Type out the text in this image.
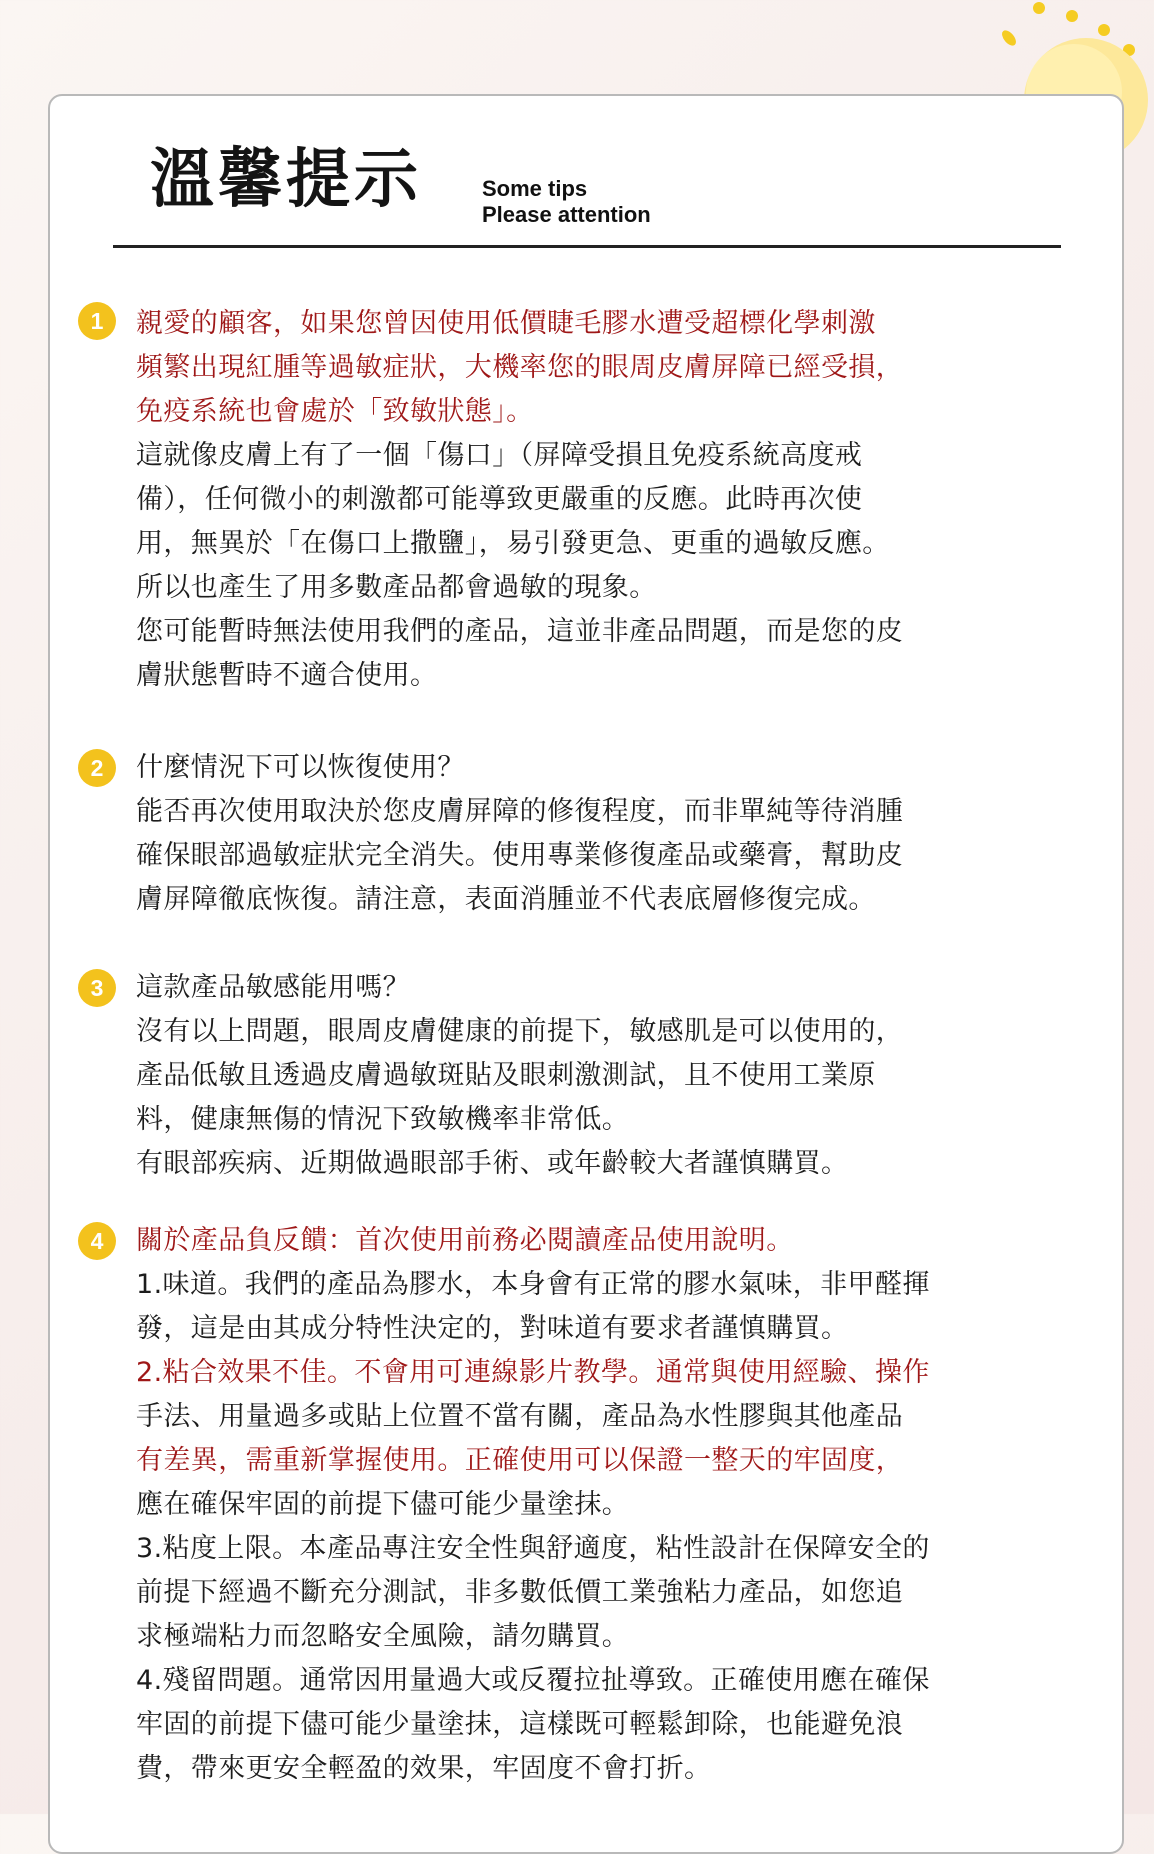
溫馨提示	Some tips
Please attention
1	親愛的顧客，如果您曾因使用低價睫毛膠水遭受超標化學刺激
頻繁出現紅腫等過敏症狀，大機率您的眼周皮膚屏障已經受損，
免疫系統也會處於「致敏狀態」。
這就像皮膚上有了一個「傷口」（屏障受損且免疫系統高度戒
備），任何微小的刺激都可能導致更嚴重的反應。此時再次使
用，無異於「在傷口上撒鹽」，易引發更急、更重的過敏反應。
所以也產生了用多數產品都會過敏的現象。
您可能暫時無法使用我們的產品，這並非產品問題，而是您的皮
膚狀態暫時不適合使用。
2	什麼情況下可以恢復使用？
能否再次使用取決於您皮膚屏障的修復程度，而非單純等待消腫
確保眼部過敏症狀完全消失。使用專業修復產品或藥膏，幫助皮
膚屏障徹底恢復。請注意，表面消腫並不代表底層修復完成。
3	這款產品敏感能用嗎？
沒有以上問題，眼周皮膚健康的前提下，敏感肌是可以使用的，
產品低敏且透過皮膚過敏斑貼及眼刺激測試，且不使用工業原
料，健康無傷的情況下致敏機率非常低。
有眼部疾病、近期做過眼部手術、或年齡較大者謹慎購買。
4	關於產品負反饋：首次使用前務必閱讀產品使用說明。
1.味道。我們的產品為膠水，本身會有正常的膠水氣味，非甲醛揮
發，這是由其成分特性決定的，對味道有要求者謹慎購買。
2.粘合效果不佳。不會用可連線影片教學。通常與使用經驗、操作
手法、用量過多或貼上位置不當有關，產品為水性膠與其他產品
有差異，需重新掌握使用。正確使用可以保證一整天的牢固度，
應在確保牢固的前提下儘可能少量塗抹。
3.粘度上限。本產品專注安全性與舒適度，粘性設計在保障安全的
前提下經過不斷充分測試，非多數低價工業強粘力產品，如您追
求極端粘力而忽略安全風險，請勿購買。
4.殘留問題。通常因用量過大或反覆拉扯導致。正確使用應在確保
牢固的前提下儘可能少量塗抹，這樣既可輕鬆卸除，也能避免浪
費，帶來更安全輕盈的效果，牢固度不會打折。
